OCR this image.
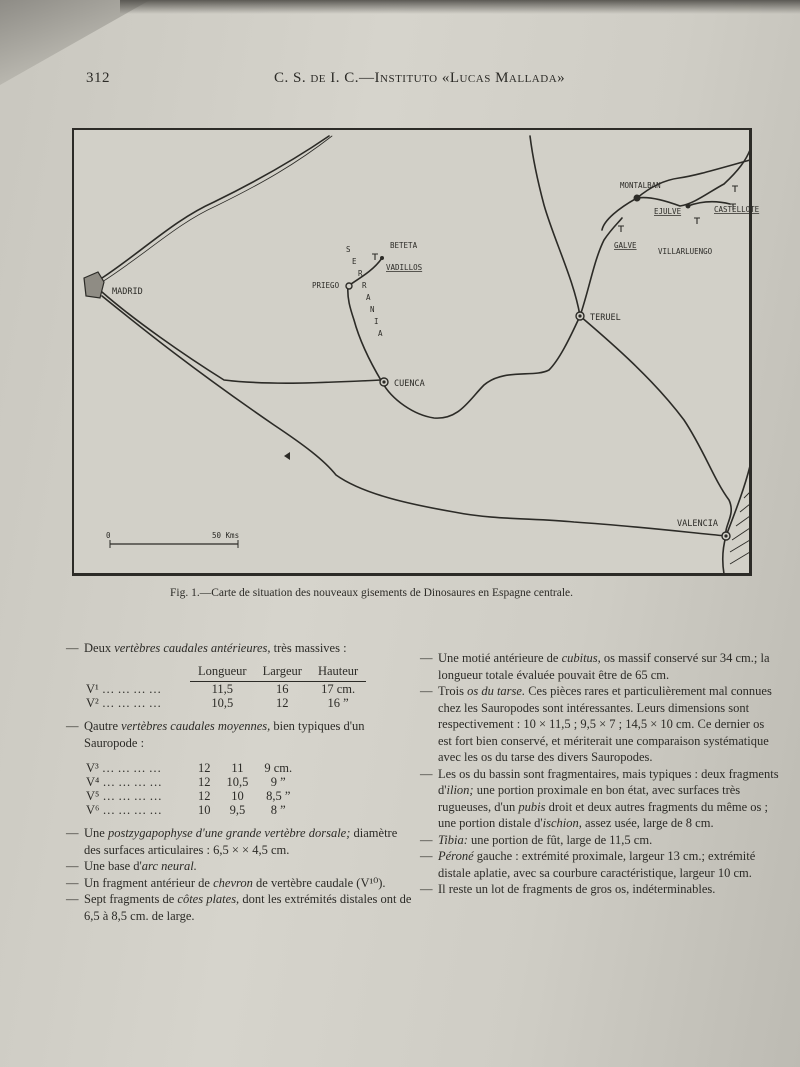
312	C. S. de I. C.—Instituto «Lucas Mallada»
MADRID
CUENCA
TERUEL
VALENCIA
PRIEGO
BETETA
VADILLOS
MONTALBAN
EJULVE	CASTELLOTE
GALVE
VILLARLUENGO
S
E
R
R
A
N
I
A
0	50 Kms
Fig. 1.—Carte de situation des nouveaux gisements de Dinosaures en Espagne centrale.

— Deux vertèbres caudales antérieures, très massives :

	Longueur	Largeur	Hauteur
V¹ … … … …	11,5	16	17 cm.
V² … … … …	10,5	12	16 ”

— Qautre vertèbres caudales moyennes, bien typiques d'un Sauropode :

V³ … … … …	12	11	9 cm.
V⁴ … … … …	12	10,5	9 ”
V⁵ … … … …	12	10	8,5 ”
V⁶ … … … …	10	9,5	8 ”

— Une postzygapophyse d'une grande vertèbre dorsale; diamètre des surfaces articulaires : 6,5 × × 4,5 cm.

— Une base d'arc neural.

— Un fragment antérieur de chevron de vertèbre caudale (V¹⁰).

— Sept fragments de côtes plates, dont les extrémités distales ont de 6,5 à 8,5 cm. de large.

— Une motié antérieure de cubitus, os massif conservé sur 34 cm.; la longueur totale évaluée pouvait être de 65 cm.

— Trois os du tarse. Ces pièces rares et particulièrement mal connues chez les Sauropodes sont intéressantes. Leurs dimensions sont respectivement : 10 × 11,5 ; 9,5 × 7 ; 14,5 × 10 cm. Ce dernier os est fort bien conservé, et mériterait une comparaison systématique avec les os du tarse des divers Sauropodes.

— Les os du bassin sont fragmentaires, mais typiques : deux fragments d'ilion; une portion proximale en bon état, avec surfaces très rugueuses, d'un pubis droit et deux autres fragments du même os ; une portion distale d'ischion, assez usée, large de 8 cm.

— Tibia: une portion de fût, large de 11,5 cm.

— Péroné gauche : extrémité proximale, largeur 13 cm.; extrémité distale aplatie, avec sa courbure caractéristique, largeur 10 cm.

— Il reste un lot de fragments de gros os, indéterminables.
